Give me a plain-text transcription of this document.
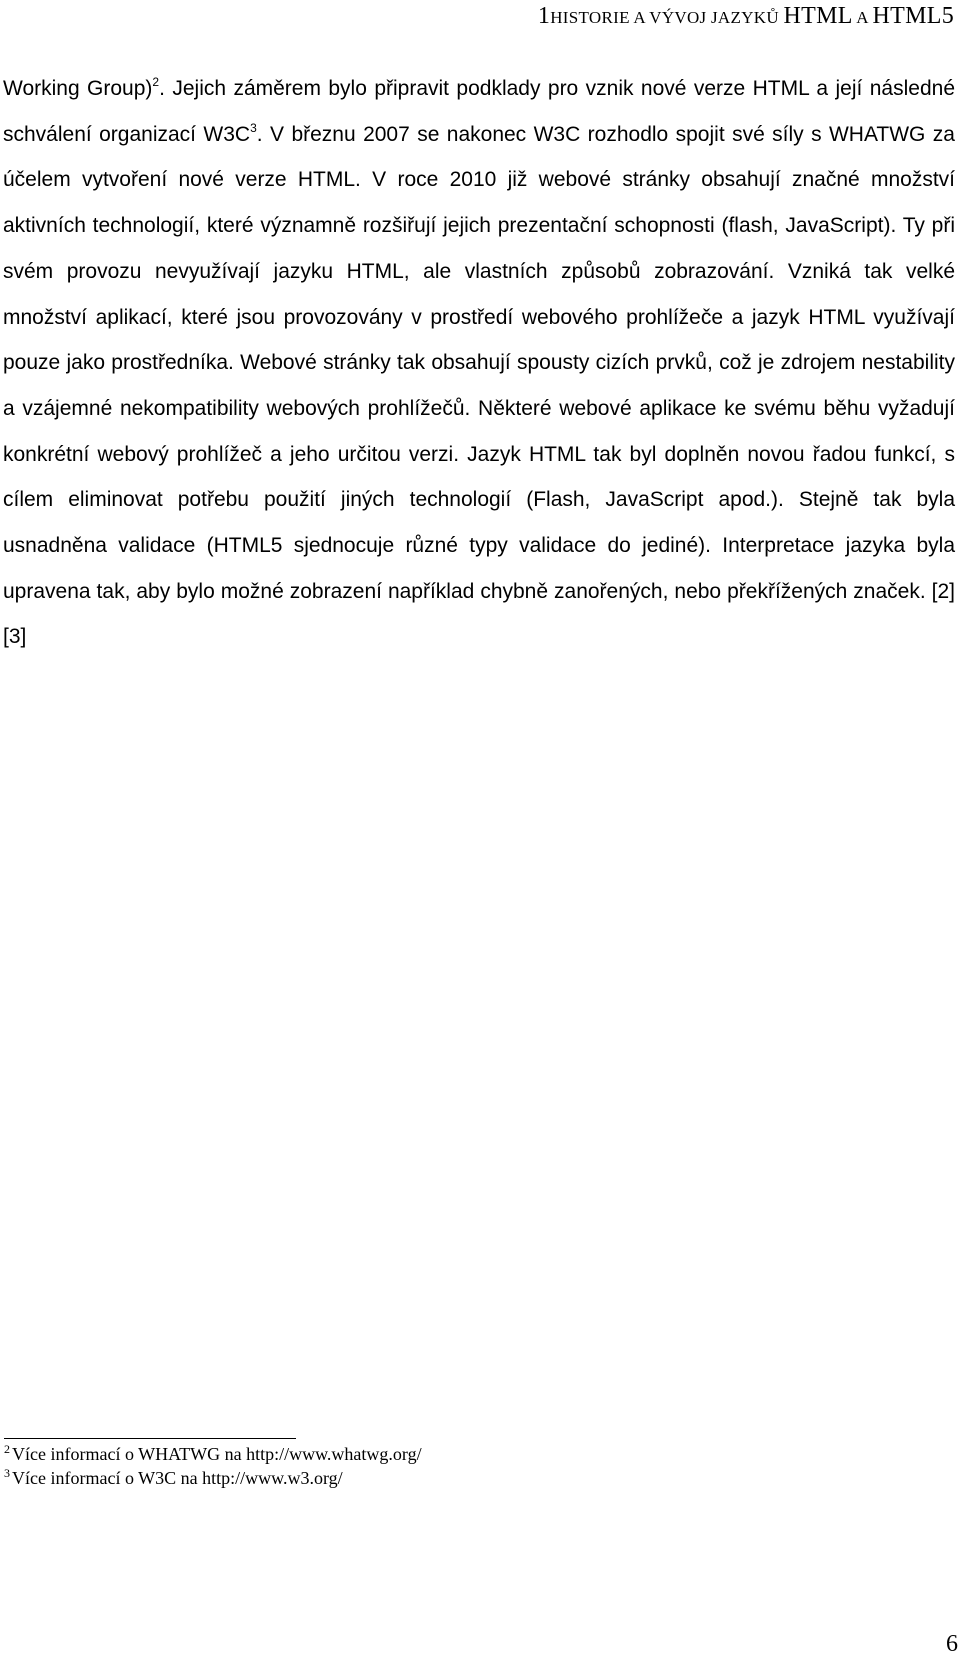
1HISTORIE A VÝVOJ JAZYKŮ HTML A HTML5

Working Group)$^2$. Jejich záměrem bylo připravit podklady pro vznik nové verze HTML a její následné schválení organizací $W3C^3$. V březnu 2007 se nakonec W3C rozhodlo spojit své síly s WHATWG za účelem vytvoření nové verze HTML. V roce 2010 již webové stránky obsahují značné množství aktivních technologií, které významně rozšiřují jejich prezentační schopnosti (flash, JavaScript). Ty při svém provozu nevyužívají jazyku HTML, ale vlastních způsobů zobrazování. Vzniká tak velké množství aplikací, které jsou provozovány v prostředí webového prohlížeče a jazyk HTML využívají pouze jako prostředníka. Webové stránky tak obsahují spousty cizích prvků, což je zdrojem nestability a vzájemné nekompatibility webových prohlížečů. Některé webové aplikace ke svému běhu vyžadují konkrétní webový prohlížeč a jeho určitou verzi. Jazyk HTML tak byl doplněn novou řadou funkcí, s cílem eliminovat potřebu použití jiných technologií (Flash, JavaScript apod.). Stejně tak byla usnadněna validace (HTML5 sjednocuje různé typy validace do jediné). Interpretace jazyka byla upravena tak, aby bylo možné zobrazení například chybně zanořených, nebo překřížených značek. [2] [3]

$^2$ Více informací o WHATWG na http://www.whatwg.org/
$^3$ Více informací o W3C na http://www.w3.org/
6
